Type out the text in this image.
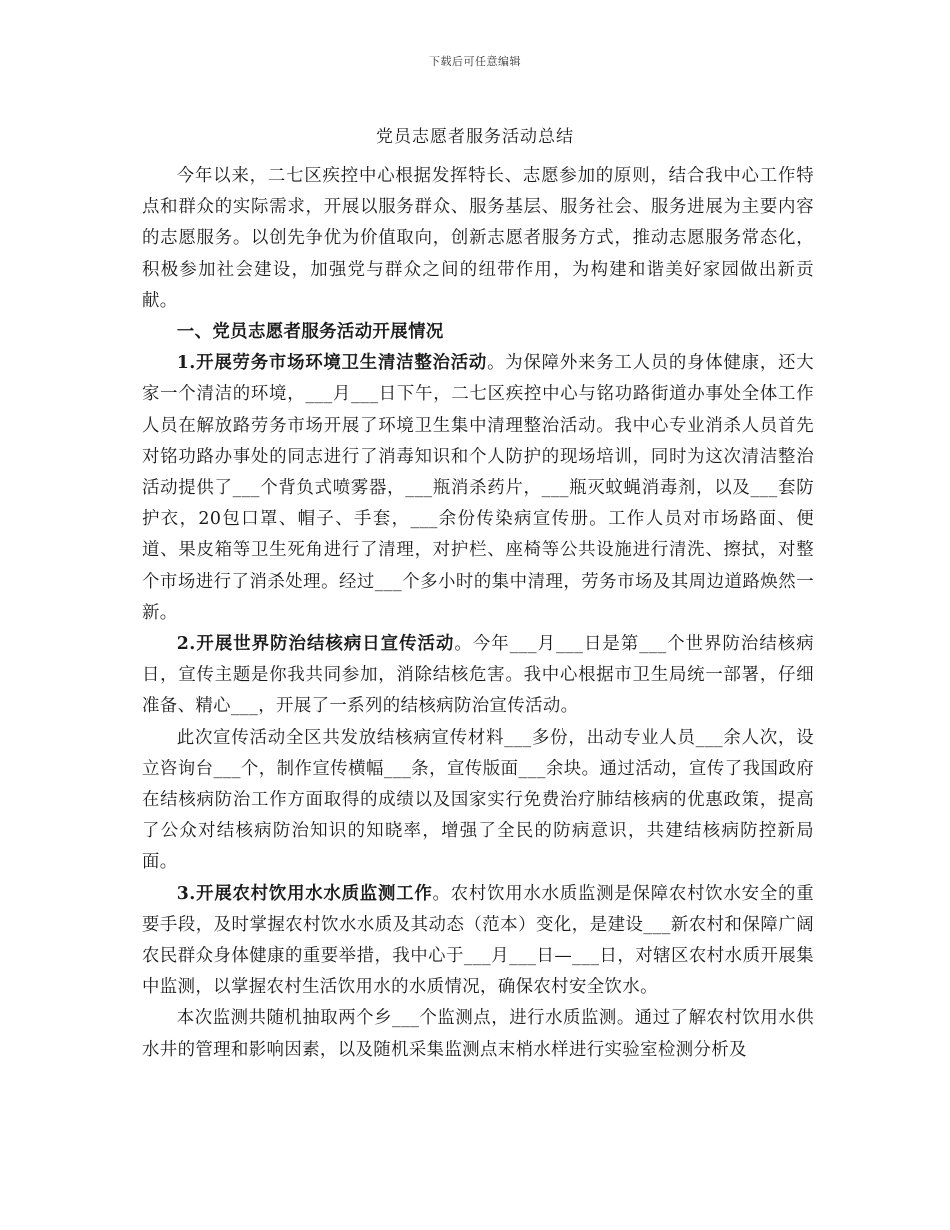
下载后可任意编辑
党员志愿者服务活动总结

今年以来，二七区疾控中心根据发挥特长、志愿参加的原则，结合我中心工作特点和群众的实际需求，开展以服务群众、服务基层、服务社会、服务进展为主要内容的志愿服务。以创先争优为价值取向，创新志愿者服务方式，推动志愿服务常态化，积极参加社会建设，加强党与群众之间的纽带作用，为构建和谐美好家园做出新贡献。

一、党员志愿者服务活动开展情况

1.开展劳务市场环境卫生清洁整治活动。为保障外来务工人员的身体健康，还大家一个清洁的环境，___月___日下午，二七区疾控中心与铭功路街道办事处全体工作人员在解放路劳务市场开展了环境卫生集中清理整治活动。我中心专业消杀人员首先对铭功路办事处的同志进行了消毒知识和个人防护的现场培训，同时为这次清洁整治活动提供了___个背负式喷雾器，___瓶消杀药片，___瓶灭蚊蝇消毒剂，以及___套防护衣，20包口罩、帽子、手套，___余份传染病宣传册。工作人员对市场路面、便道、果皮箱等卫生死角进行了清理，对护栏、座椅等公共设施进行清洗、擦拭，对整个市场进行了消杀处理。经过___个多小时的集中清理，劳务市场及其周边道路焕然一新。

2.开展世界防治结核病日宣传活动。今年___月___日是第___个世界防治结核病日，宣传主题是你我共同参加，消除结核危害。我中心根据市卫生局统一部署，仔细准备、精心___，开展了一系列的结核病防治宣传活动。

此次宣传活动全区共发放结核病宣传材料___多份，出动专业人员___余人次，设立咨询台___个，制作宣传横幅___条，宣传版面___余块。通过活动，宣传了我国政府在结核病防治工作方面取得的成绩以及国家实行免费治疗肺结核病的优惠政策，提高了公众对结核病防治知识的知晓率，增强了全民的防病意识，共建结核病防控新局面。

3.开展农村饮用水水质监测工作。农村饮用水水质监测是保障农村饮水安全的重要手段，及时掌握农村饮水水质及其动态（范本）变化，是建设___新农村和保障广阔农民群众身体健康的重要举措，我中心于___月___日—___日，对辖区农村水质开展集中监测，以掌握农村生活饮用水的水质情况，确保农村安全饮水。

本次监测共随机抽取两个乡___个监测点，进行水质监测。通过了解农村饮用水供水井的管理和影响因素，以及随机采集监测点末梢水样进行实验室检测分析及
